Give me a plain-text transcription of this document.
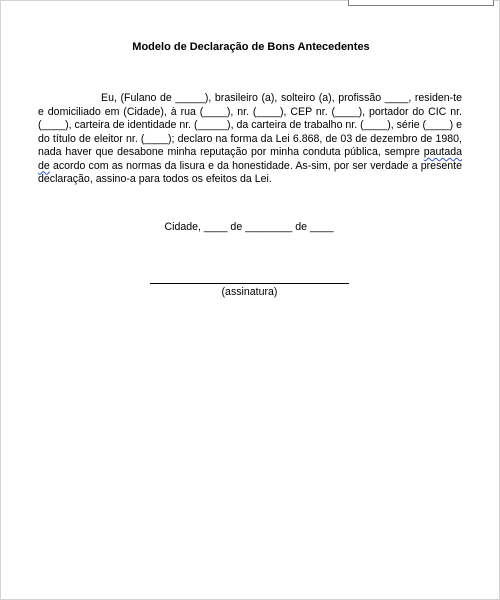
Modelo de Declaração de Bons Antecedentes
Eu, (Fulano de _____), brasileiro (a), solteiro (a), profissão ____, residen-te e domiciliado em (Cidade), à rua (____), nr. (____), CEP nr. (____), portador do CIC nr. (____), carteira de identidade nr. (_____), da carteira de trabalho nr. (____), série (____) e do título de eleitor nr. (____); declaro na forma da Lei 6.868, de 03 de dezembro de 1980, nada haver que desabone minha reputação por minha conduta pública, sempre pautada de acordo com as normas da lisura e da honestidade. As-sim, por ser verdade a presente declaração, assino-a para todos os efeitos da Lei.
Cidade, ____ de ________ de ____
(assinatura)
